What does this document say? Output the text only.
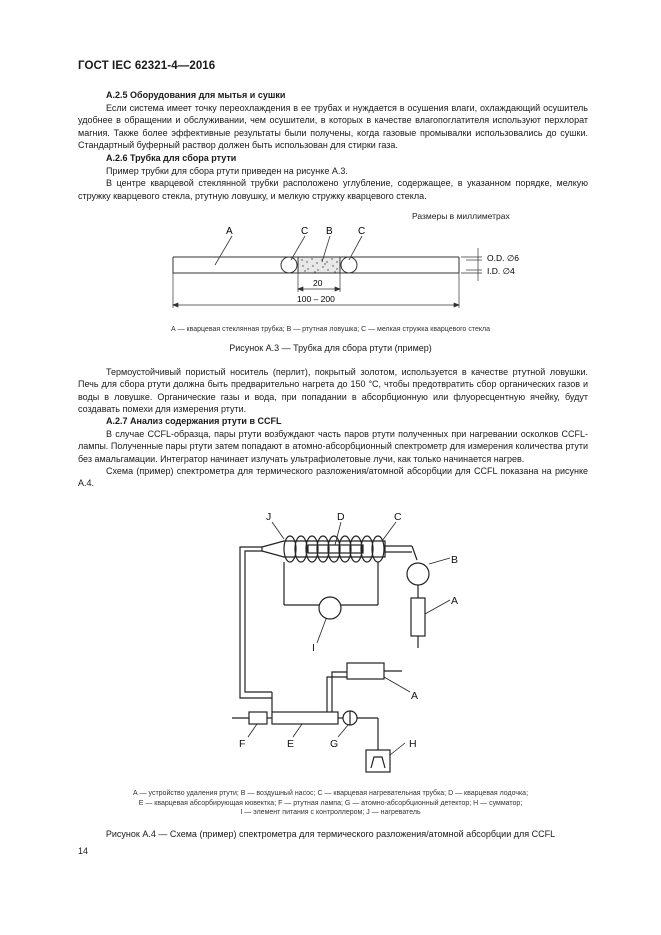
ГОСТ IEC 62321-4—2016
А.2.5 Оборудования для мытья и сушки

Если система имеет точку переохлаждения в ее трубах и нуждается в осушения влаги, охлаждающий осушитель удобнее в обращении и обслуживании, чем осушители, в которых в качестве влагопоглатителя используют перхлорат магния. Также более эффективные результаты были получены, когда газовые промывалки использовались до сушки. Стандартный буферный раствор должен быть использован для стирки газа.

А.2.6 Трубка для сбора ртути

Пример трубки для сбора ртути приведен на рисунке А.3.

В центре кварцевой стеклянной трубки расположено углубление, содержащее, в указанном порядке, мелкую стружку кварцевого стекла, ртутную ловушку, и мелкую стружку кварцевого стекла.

Размеры в миллиметрах
А	С В	С
20
100 – 200
O.D. ∅6
I.D. ∅4
А — кварцевая стеклянная трубка; В — ртутная ловушка; С — мелкая стружка кварцевого стекла
Рисунок А.3 — Трубка для сбора ртути (пример)

Термоустойчивый пористый носитель (перлит), покрытый золотом, используется в качестве ртутной ловушки. Печь для сбора ртути должна быть предварительно нагрета до 150 °С, чтобы предотвратить сбор органических газов и воды в ловушке. Органические газы и вода, при попадании в абсорбционную или флуоресцентную ячейку, будут создавать помехи для измерения ртути.

А.2.7 Анализ содержания ртути в CCFL

В случае CCFL-образца, пары ртути возбуждают часть паров ртути полученных при нагревании осколков CCFL-лампы. Полученные пары ртути затем попадают в атомно-абсорбционный спектрометр для измерения количества ртути без амальгамации. Интегратор начинает излучать ультрафиолетовые лучи, как только начинается нагрев.

Схема (пример) спектрометра для термического разложения/атомной абсорбции для CCFL показана на рисунке А.4.

J	D	C
B
A
I
A
F	E	G	H
А — устройство удаления ртути; В — воздушный насос; С — кварцевая нагревательная трубка; D — кварцевая лодочка;
Е — кварцевая абсорбирующая кювектка; F — ртутная лампа; G — атомно-абсорбционный детектор; Н — сумматор;
I — элемент питания с контроллером; J — нагреватель
Рисунок А.4 — Схема (пример) спектрометра для термического разложения/атомной абсорбции для CCFL
14
